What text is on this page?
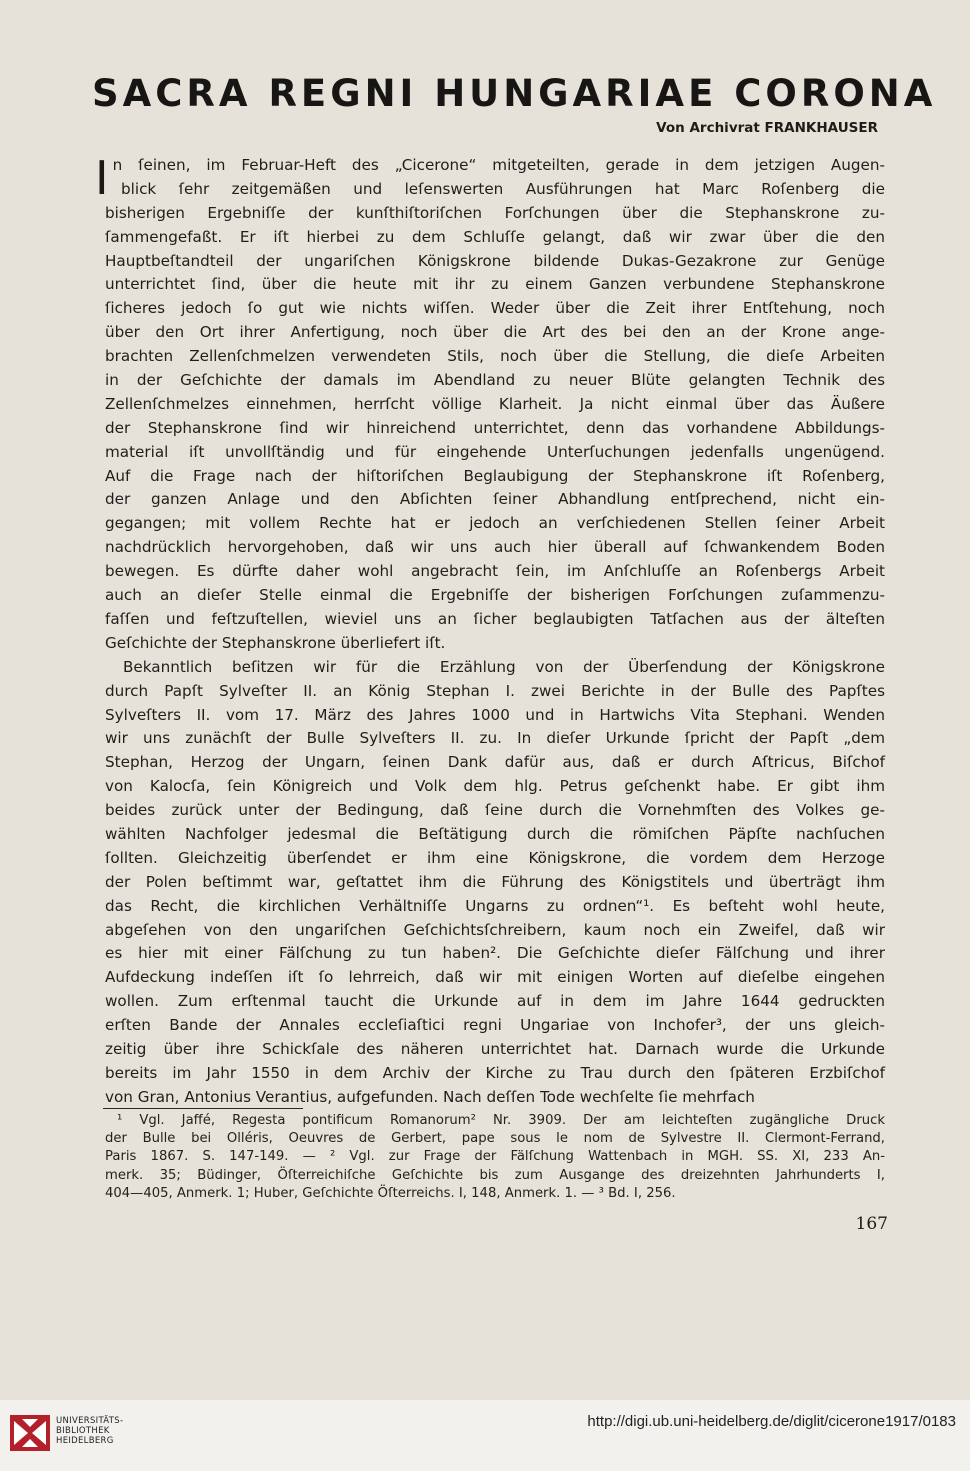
SACRA REGNI HUNGARIAE CORONA
Von Archivrat FRANKHAUSER
I n ſeinen, im Februar-Heft des „Cicerone“ mitgeteilten, gerade in dem jetzigen Augen-
blick ſehr zeitgemäßen und leſenswerten Ausführungen hat Marc Roſenberg die
bisherigen Ergebniſſe der kunſthiſtoriſchen Forſchungen über die Stephanskrone zu-
ſammengefaßt. Er iſt hierbei zu dem Schluſſe gelangt, daß wir zwar über die den
Hauptbeſtandteil der ungariſchen Königskrone bildende Dukas-Gezakrone zur Genüge
unterrichtet ſind, über die heute mit ihr zu einem Ganzen verbundene Stephanskrone
ſicheres jedoch ſo gut wie nichts wiſſen. Weder über die Zeit ihrer Entſtehung, noch
über den Ort ihrer Anfertigung, noch über die Art des bei den an der Krone ange-
brachten Zellenſchmelzen verwendeten Stils, noch über die Stellung, die dieſe Arbeiten
in der Geſchichte der damals im Abendland zu neuer Blüte gelangten Technik des
Zellenſchmelzes einnehmen, herrſcht völlige Klarheit. Ja nicht einmal über das Äußere
der Stephanskrone ſind wir hinreichend unterrichtet, denn das vorhandene Abbildungs-
material iſt unvollſtändig und für eingehende Unterſuchungen jedenfalls ungenügend.
Auf die Frage nach der hiſtoriſchen Beglaubigung der Stephanskrone iſt Roſenberg,
der ganzen Anlage und den Abſichten ſeiner Abhandlung entſprechend, nicht ein-
gegangen; mit vollem Rechte hat er jedoch an verſchiedenen Stellen ſeiner Arbeit
nachdrücklich hervorgehoben, daß wir uns auch hier überall auf ſchwankendem Boden
bewegen. Es dürfte daher wohl angebracht ſein, im Anſchluſſe an Roſenbergs Arbeit
auch an dieſer Stelle einmal die Ergebniſſe der bisherigen Forſchungen zuſammenzu-
faſſen und feſtzuſtellen, wieviel uns an ſicher beglaubigten Tatſachen aus der älteſten
Geſchichte der Stephanskrone überliefert iſt.
Bekanntlich beſitzen wir für die Erzählung von der Überſendung der Königskrone
durch Papſt Sylveſter II. an König Stephan I. zwei Berichte in der Bulle des Papſtes
Sylveſters II. vom 17. März des Jahres 1000 und in Hartwichs Vita Stephani. Wenden
wir uns zunächſt der Bulle Sylveſters II. zu. In dieſer Urkunde ſpricht der Papſt „dem
Stephan, Herzog der Ungarn, ſeinen Dank dafür aus, daß er durch Aſtricus, Biſchof
von Kalocſa, ſein Königreich und Volk dem hlg. Petrus geſchenkt habe. Er gibt ihm
beides zurück unter der Bedingung, daß ſeine durch die Vornehmſten des Volkes ge-
wählten Nachfolger jedesmal die Beſtätigung durch die römiſchen Päpſte nachſuchen
ſollten. Gleichzeitig überſendet er ihm eine Königskrone, die vordem dem Herzoge
der Polen beſtimmt war, geſtattet ihm die Führung des Königstitels und überträgt ihm
das Recht, die kirchlichen Verhältniſſe Ungarns zu ordnen“¹. Es beſteht wohl heute,
abgeſehen von den ungariſchen Geſchichtsſchreibern, kaum noch ein Zweifel, daß wir
es hier mit einer Fälſchung zu tun haben². Die Geſchichte dieſer Fälſchung und ihrer
Aufdeckung indeſſen iſt ſo lehrreich, daß wir mit einigen Worten auf dieſelbe eingehen
wollen. Zum erſtenmal taucht die Urkunde auf in dem im Jahre 1644 gedruckten
erſten Bande der Annales eccleſiaſtici regni Ungariae von Inchofer³, der uns gleich-
zeitig über ihre Schickſale des näheren unterrichtet hat. Darnach wurde die Urkunde
bereits im Jahr 1550 in dem Archiv der Kirche zu Trau durch den ſpäteren Erzbiſchof
von Gran, Antonius Verantius, aufgefunden. Nach deſſen Tode wechſelte ſie mehrfach
¹ Vgl. Jaffé, Regesta pontificum Romanorum² Nr. 3909. Der am leichteſten zugängliche Druck
der Bulle bei Olléris, Oeuvres de Gerbert, pape sous le nom de Sylvestre II. Clermont-Ferrand,
Paris 1867. S. 147-149. — ² Vgl. zur Frage der Fälſchung Wattenbach in MGH. SS. XI, 233 An-
merk. 35; Büdinger, Öſterreichiſche Geſchichte bis zum Ausgange des dreizehnten Jahrhunderts I,
404—405, Anmerk. 1; Huber, Geſchichte Öſterreichs. I, 148, Anmerk. 1. — ³ Bd. I, 256.
167
UNIVERSITÄTS-
BIBLIOTHEK
HEIDELBERG
http://digi.ub.uni-heidelberg.de/diglit/cicerone1917/0183
